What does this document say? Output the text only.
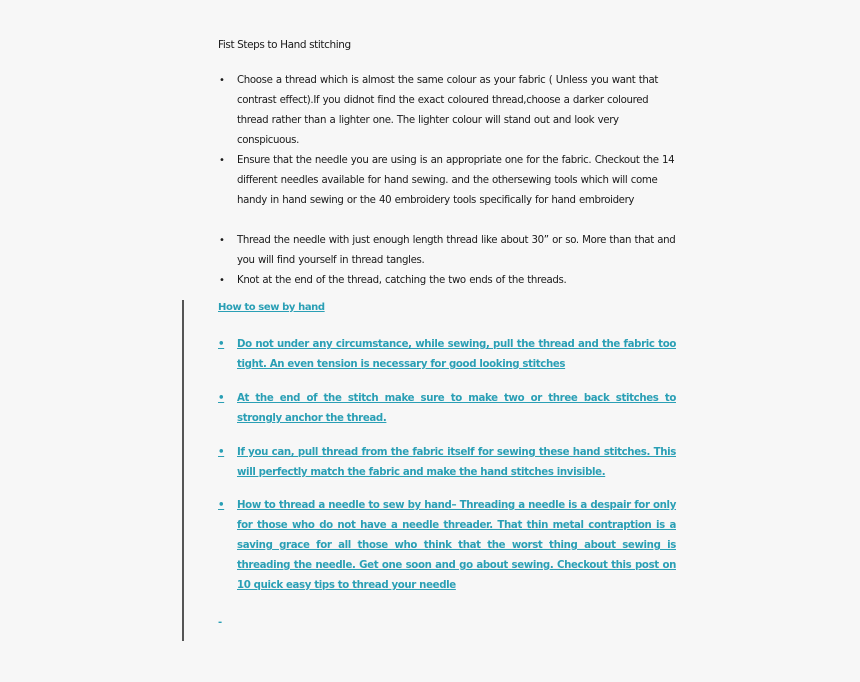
Fist Steps to Hand stitching
• Choose a thread which is almost the same colour as your fabric ( Unless you want that contrast effect).If you didnot find the exact coloured thread,choose a darker coloured thread rather than a lighter one. The lighter colour will stand out and look very conspicuous.
• Ensure that the needle you are using is an appropriate one for the fabric. Checkout the 14 different needles available for hand sewing. and the othersewing tools which will come handy in hand sewing or the 40 embroidery tools specifically for hand embroidery
• Thread the needle with just enough length thread like about 30” or so. More than that and you will find yourself in thread tangles.
• Knot at the end of the thread, catching the two ends of the threads.
How to sew by hand
•	Do not under any circumstance, while sewing, pull the thread and the fabric too tight. An even tension is necessary for good looking stitches
•	At the end of the stitch make sure to make two or three back stitches to strongly anchor the thread.
•	If you can, pull thread from the fabric itself for sewing these hand stitches. This will perfectly match the fabric and make the hand stitches invisible.
•	How to thread a needle to sew by hand– Threading a needle is a despair for only for those who do not have a needle threader. That thin metal contraption is a saving grace for all those who think that the worst thing about sewing is threading the needle. Get one soon and go about sewing. Checkout this post on 10 quick easy tips to thread your needle
-
